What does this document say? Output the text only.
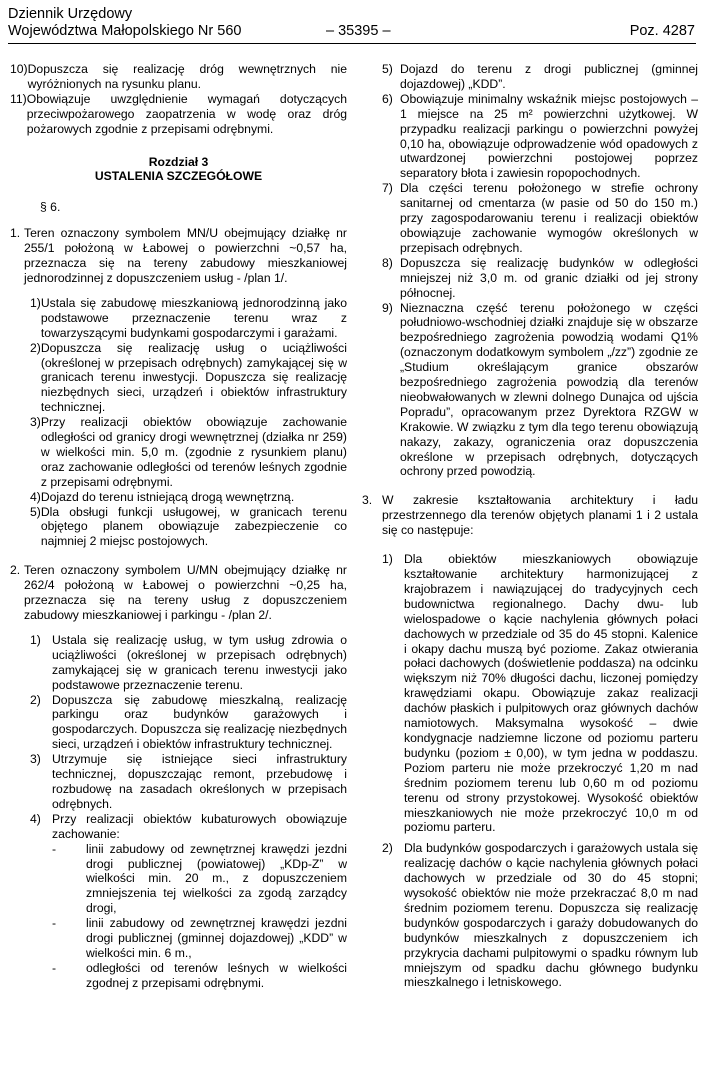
Dziennik Urzędowy
Województwa Małopolskiego Nr 560	– 35395 –	Poz. 4287
10) Dopuszcza się realizację dróg wewnętrznych nie wyróżnionych na rysunku planu.
11) Obowiązuje uwzględnienie wymagań dotyczących przeciwpożarowego zaopatrzenia w wodę oraz dróg pożarowych zgodnie z przepisami odrębnymi.

Rozdział 3

USTALENIA SZCZEGÓŁOWE

§ 6.

1. Teren oznaczony symbolem MN/U obejmujący działkę nr 255/1 położoną w Łabowej o powierzchni ~0,57 ha, przeznacza się na tereny zabudowy mieszkaniowej jednorodzinnej z dopuszczeniem usług - /plan 1/.
1) Ustala się zabudowę mieszkaniową jednorodzinną jako podstawowe przeznaczenie terenu wraz z towarzyszącymi budynkami gospodarczymi i garażami.
2) Dopuszcza się realizację usług o uciążliwości (określonej w przepisach odrębnych) zamykającej się w granicach terenu inwestycji. Dopuszcza się realizację niezbędnych sieci, urządzeń i obiektów infrastruktury technicznej.
3) Przy realizacji obiektów obowiązuje zachowanie odległości od granicy drogi wewnętrznej (działka nr 259) w wielkości min. 5,0 m. (zgodnie z rysunkiem planu) oraz zachowanie odległości od terenów leśnych zgodnie z przepisami odrębnymi.
4) Dojazd do terenu istniejącą drogą wewnętrzną.
5) Dla obsługi funkcji usługowej, w granicach terenu objętego planem obowiązuje zabezpieczenie co najmniej 2 miejsc postojowych.
2. Teren oznaczony symbolem U/MN obejmujący działkę nr 262/4 położoną w Łabowej o powierzchni ~0,25 ha, przeznacza się na tereny usług z dopuszczeniem zabudowy mieszkaniowej i parkingu - /plan 2/.
1) Ustala się realizację usług, w tym usług zdrowia o uciążliwości (określonej w przepisach odrębnych) zamykającej się w granicach terenu inwestycji jako podstawowe przeznaczenie terenu.
2) Dopuszcza się zabudowę mieszkalną, realizację parkingu oraz budynków garażowych i gospodarczych. Dopuszcza się realizację niezbędnych sieci, urządzeń i obiektów infrastruktury technicznej.
3) Utrzymuje się istniejące sieci infrastruktury technicznej, dopuszczając remont, przebudowę i rozbudowę na zasadach określonych w przepisach odrębnych.
4) Przy realizacji obiektów kubaturowych obowiązuje zachowanie:
-	linii zabudowy od zewnętrznej krawędzi jezdni drogi publicznej (powiatowej) „KDp-Z” w wielkości min. 20 m., z dopuszczeniem zmniejszenia tej wielkości za zgodą zarządcy drogi,
-	linii zabudowy od zewnętrznej krawędzi jezdni drogi publicznej (gminnej dojazdowej) „KDD” w wielkości min. 6 m.,
-	odległości od terenów leśnych w wielkości zgodnej z przepisami odrębnymi.
5) Dojazd do terenu z drogi publicznej (gminnej dojazdowej) „KDD”.
6) Obowiązuje minimalny wskaźnik miejsc postojowych – 1 miejsce na 25 m² powierzchni użytkowej. W przypadku realizacji parkingu o powierzchni powyżej 0,10 ha, obowiązuje odprowadzenie wód opadowych z utwardzonej powierzchni postojowej poprzez separatory błota i zawiesin ropopochodnych.
7) Dla części terenu położonego w strefie ochrony sanitarnej od cmentarza (w pasie od 50 do 150 m.) przy zagospodarowaniu terenu i realizacji obiektów obowiązuje zachowanie wymogów określonych w przepisach odrębnych.
8) Dopuszcza się realizację budynków w odległości mniejszej niż 3,0 m. od granic działki od jej strony północnej.
9) Nieznaczna część terenu położonego w części południowo-wschodniej działki znajduje się w obszarze bezpośredniego zagrożenia powodzią wodami Q1% (oznaczonym dodatkowym symbolem „/zz”) zgodnie ze „Studium określającym granice obszarów bezpośredniego zagrożenia powodzią dla terenów nieobwałowanych w zlewni dolnego Dunajca od ujścia Popradu”, opracowanym przez Dyrektora RZGW w Krakowie. W związku z tym dla tego terenu obowiązują nakazy, zakazy, ograniczenia oraz dopuszczenia określone w przepisach odrębnych, dotyczących ochrony przed powodzią.
3. W zakresie kształtowania architektury i ładu przestrzennego dla terenów objętych planami 1 i 2 ustala się co następuje:
1) Dla obiektów mieszkaniowych obowiązuje kształtowanie architektury harmonizującej z krajobrazem i nawiązującej do tradycyjnych cech budownictwa regionalnego. Dachy dwu- lub wielospadowe o kącie nachylenia głównych połaci dachowych w przedziale od 35 do 45 stopni. Kalenice i okapy dachu muszą być poziome. Zakaz otwierania połaci dachowych (doświetlenie poddasza) na odcinku większym niż 70% długości dachu, liczonej pomiędzy krawędziami okapu. Obowiązuje zakaz realizacji dachów płaskich i pulpitowych oraz głównych dachów namiotowych. Maksymalna wysokość – dwie kondygnacje nadziemne liczone od poziomu parteru budynku (poziom ± 0,00), w tym jedna w poddaszu. Poziom parteru nie może przekroczyć 1,20 m nad średnim poziomem terenu lub 0,60 m od poziomu terenu od strony przystokowej. Wysokość obiektów mieszkaniowych nie może przekroczyć 10,0 m od poziomu parteru.
2) Dla budynków gospodarczych i garażowych ustala się realizację dachów o kącie nachylenia głównych połaci dachowych w przedziale od 30 do 45 stopni; wysokość obiektów nie może przekraczać 8,0 m nad średnim poziomem terenu. Dopuszcza się realizację budynków gospodarczych i garaży dobudowanych do budynków mieszkalnych z dopuszczeniem ich przykrycia dachami pulpitowymi o spadku równym lub mniejszym od spadku dachu głównego budynku mieszkalnego i letniskowego.
